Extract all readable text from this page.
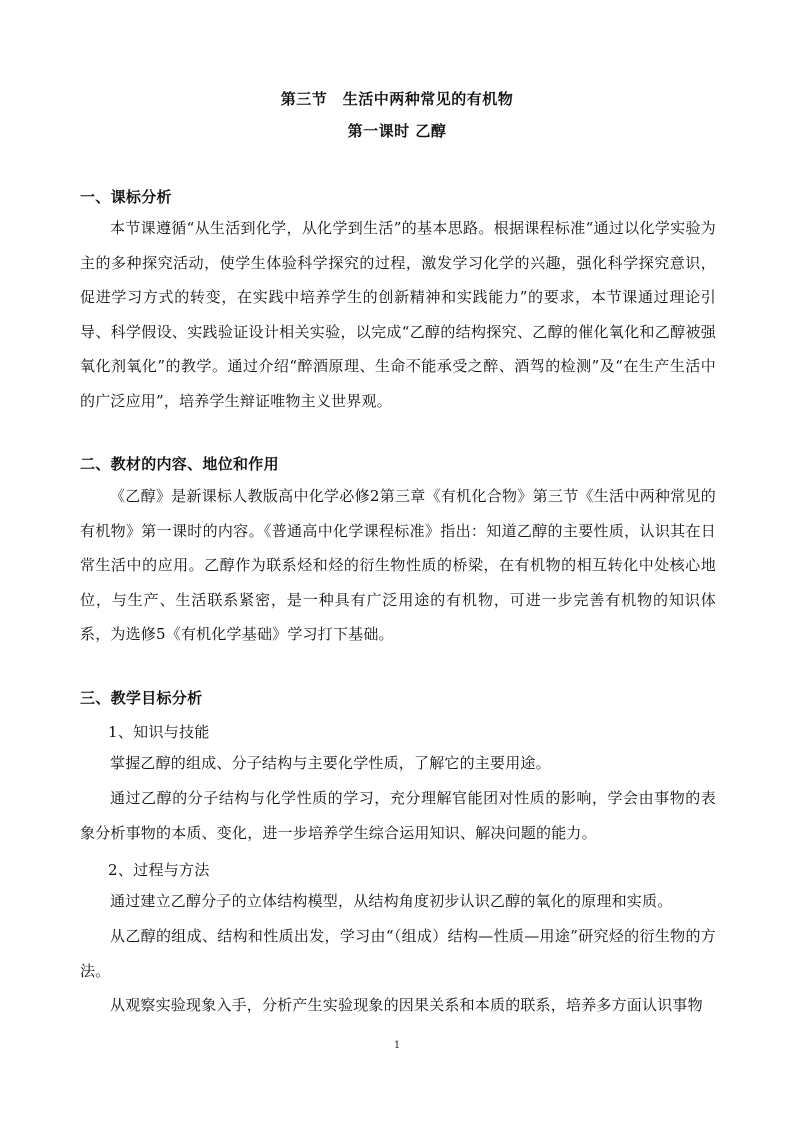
第三节　生活中两种常见的有机物
第一课时 乙醇
一、课标分析

本节课遵循“从生活到化学，从化学到生活”的基本思路。根据课程标准“通过以化学实验为主的多种探究活动，使学生体验科学探究的过程，激发学习化学的兴趣，强化科学探究意识，促进学习方式的转变，在实践中培养学生的创新精神和实践能力”的要求，本节课通过理论引导、科学假设、实践验证设计相关实验，以完成“乙醇的结构探究、乙醇的催化氧化和乙醇被强氧化剂氧化”的教学。通过介绍“醉酒原理、生命不能承受之醉、酒驾的检测”及“在生产生活中的广泛应用”，培养学生辩证唯物主义世界观。

二、教材的内容、地位和作用

《乙醇》是新课标人教版高中化学必修2第三章《有机化合物》第三节《生活中两种常见的有机物》第一课时的内容。《普通高中化学课程标准》指出：知道乙醇的主要性质，认识其在日常生活中的应用。乙醇作为联系烃和烃的衍生物性质的桥梁，在有机物的相互转化中处核心地位，与生产、生活联系紧密，是一种具有广泛用途的有机物，可进一步完善有机物的知识体系，为选修5《有机化学基础》学习打下基础。

三、教学目标分析
1、知识与技能

掌握乙醇的组成、分子结构与主要化学性质，了解它的主要用途。

通过乙醇的分子结构与化学性质的学习，充分理解官能团对性质的影响，学会由事物的表象分析事物的本质、变化，进一步培养学生综合运用知识、解决问题的能力。

2、过程与方法

通过建立乙醇分子的立体结构模型，从结构角度初步认识乙醇的氧化的原理和实质。

从乙醇的组成、结构和性质出发，学习由“（组成）结构—性质—用途”研究烃的衍生物的方法。

从观察实验现象入手，分析产生实验现象的因果关系和本质的联系，培养多方面认识事物

1
